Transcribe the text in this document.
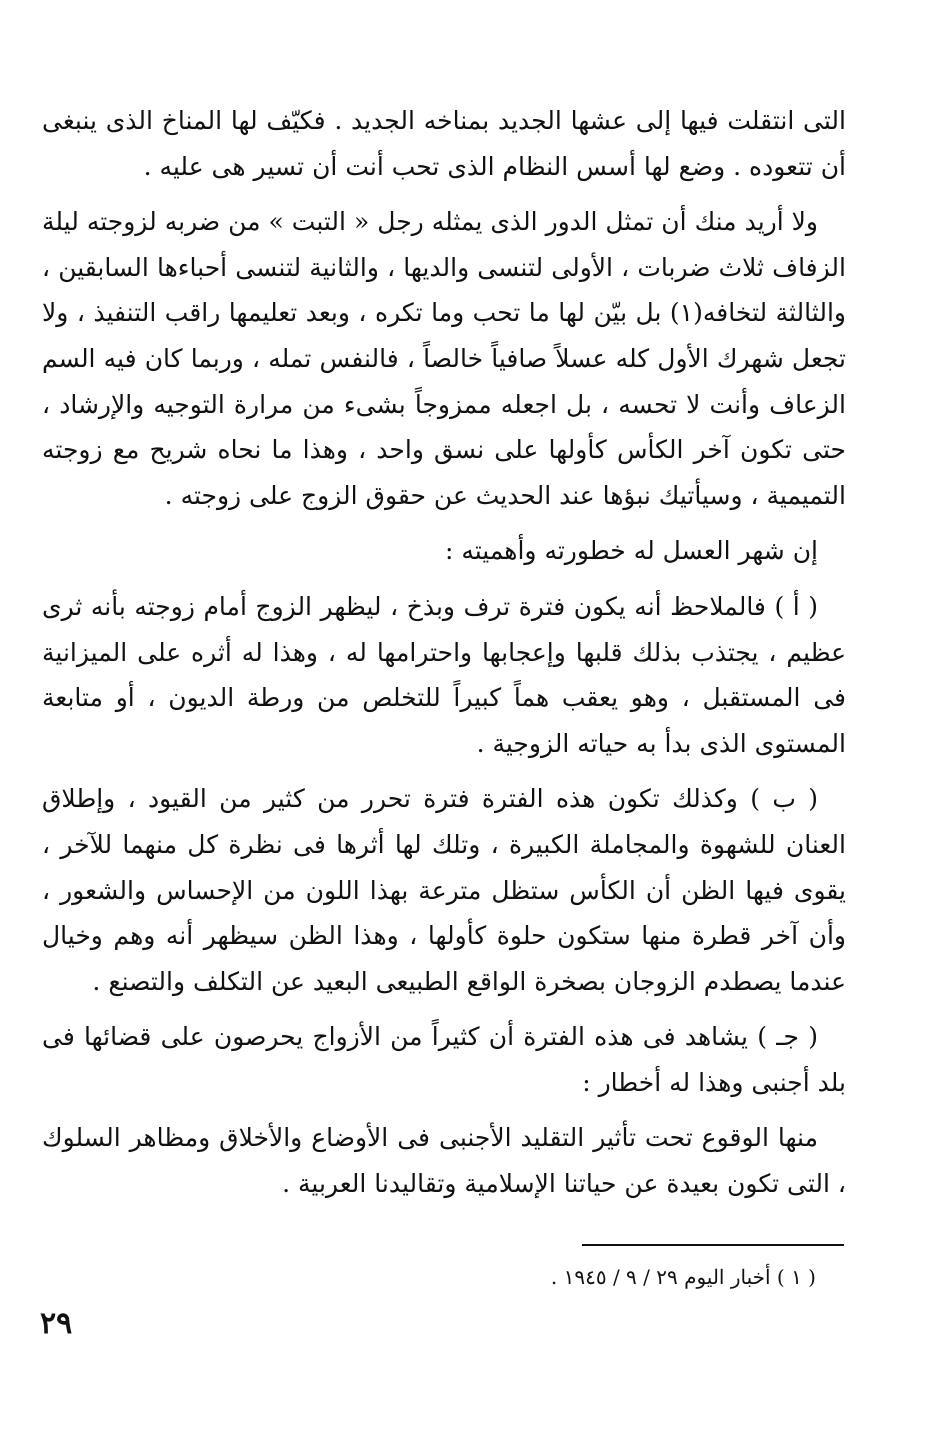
التى انتقلت فيها إلى عشها الجديد بمناخه الجديد . فكيّف لها المناخ الذى ينبغى أن تتعوده . وضع لها أسس النظام الذى تحب أنت أن تسير هى عليه .

ولا أريد منك أن تمثل الدور الذى يمثله رجل « التبت » من ضربه لزوجته ليلة الزفاف ثلاث ضربات ، الأولى لتنسى والديها ، والثانية لتنسى أحباءها السابقين ، والثالثة لتخافه(١) بل بيّن لها ما تحب وما تكره ، وبعد تعليمها راقب التنفيذ ، ولا تجعل شهرك الأول كله عسلاً صافياً خالصاً ، فالنفس تمله ، وربما كان فيه السم الزعاف وأنت لا تحسه ، بل اجعله ممزوجاً بشىء من مرارة التوجيه والإرشاد ، حتى تكون آخر الكأس كأولها على نسق واحد ، وهذا ما نحاه شريح مع زوجته التميمية ، وسيأتيك نبؤها عند الحديث عن حقوق الزوج على زوجته .

إن شهر العسل له خطورته وأهميته :

( أ ) فالملاحظ أنه يكون فترة ترف وبذخ ، ليظهر الزوج أمام زوجته بأنه ثرى عظيم ، يجتذب بذلك قلبها وإعجابها واحترامها له ، وهذا له أثره على الميزانية فى المستقبل ، وهو يعقب هماً كبيراً للتخلص من ورطة الديون ، أو متابعة المستوى الذى بدأ به حياته الزوجية .

( ب ) وكذلك تكون هذه الفترة فترة تحرر من كثير من القيود ، وإطلاق العنان للشهوة والمجاملة الكبيرة ، وتلك لها أثرها فى نظرة كل منهما للآخر ، يقوى فيها الظن أن الكأس ستظل مترعة بهذا اللون من الإحساس والشعور ، وأن آخر قطرة منها ستكون حلوة كأولها ، وهذا الظن سيظهر أنه وهم وخيال عندما يصطدم الزوجان بصخرة الواقع الطبيعى البعيد عن التكلف والتصنع .

( جـ ) يشاهد فى هذه الفترة أن كثيراً من الأزواج يحرصون على قضائها فى بلد أجنبى وهذا له أخطار :

منها الوقوع تحت تأثير التقليد الأجنبى فى الأوضاع والأخلاق ومظاهر السلوك ، التى تكون بعيدة عن حياتنا الإسلامية وتقاليدنا العربية .

( ١ ) أخبار اليوم ٢٩ / ٩ / ١٩٤٥ .
٢٩
